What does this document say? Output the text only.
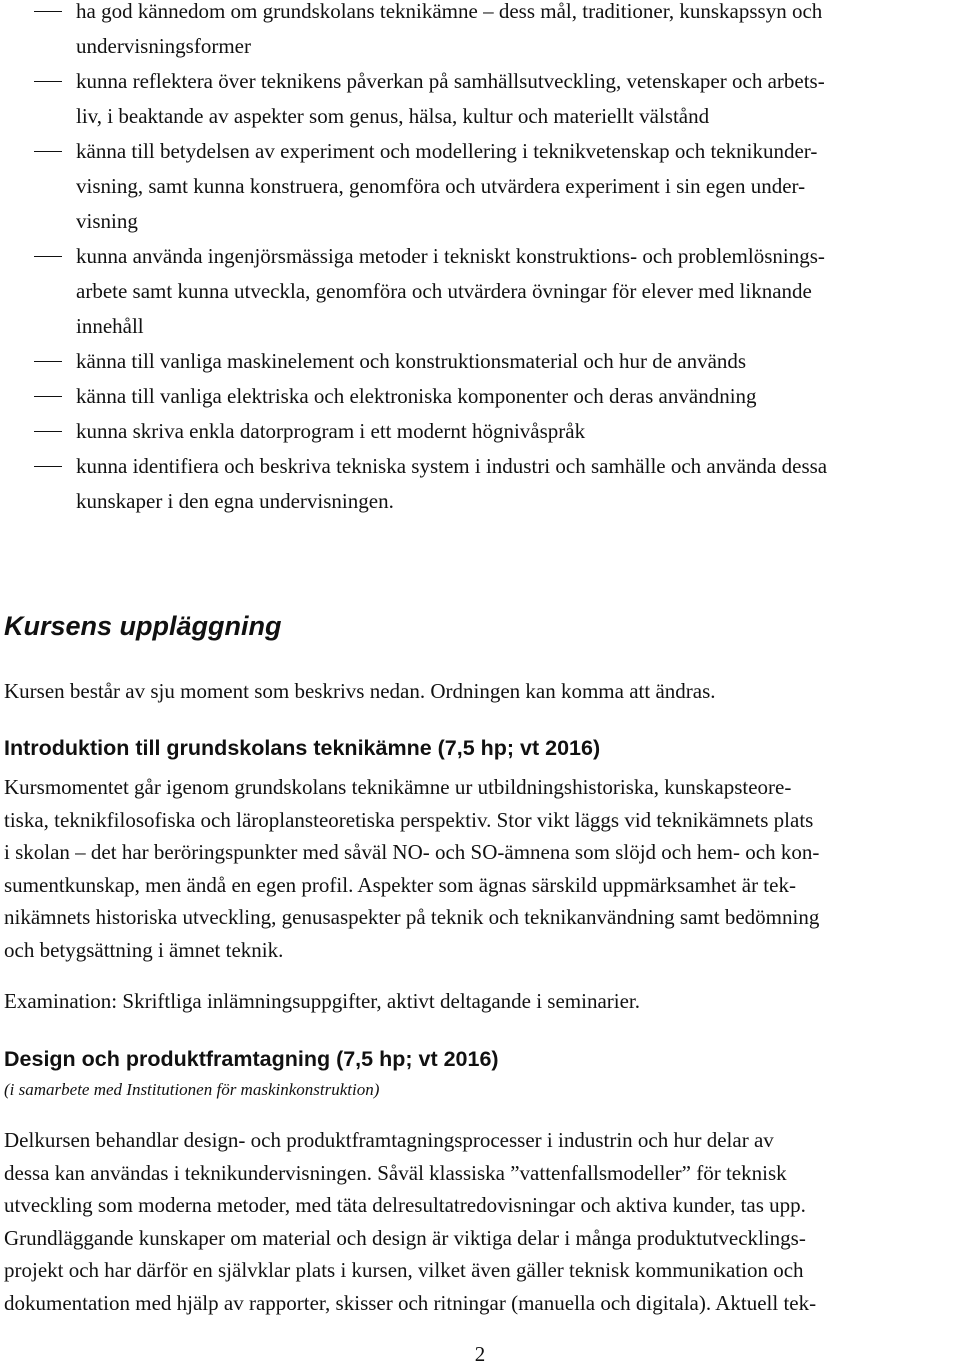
ha god kännedom om grundskolans teknikämne – dess mål, traditioner, kunskapssyn och
undervisningsformer
kunna reflektera över teknikens påverkan på samhällsutveckling, vetenskaper och arbets-
liv, i beaktande av aspekter som genus, hälsa, kultur och materiellt välstånd
känna till betydelsen av experiment och modellering i teknikvetenskap och teknikunder-
visning, samt kunna konstruera, genomföra och utvärdera experiment i sin egen under-
visning
kunna använda ingenjörsmässiga metoder i tekniskt konstruktions- och problemlösnings-
arbete samt kunna utveckla, genomföra och utvärdera övningar för elever med liknande
innehåll
känna till vanliga maskinelement och konstruktionsmaterial och hur de används
känna till vanliga elektriska och elektroniska komponenter och deras användning
kunna skriva enkla datorprogram i ett modernt högnivåspråk
kunna identifiera och beskriva tekniska system i industri och samhälle och använda dessa
kunskaper i den egna undervisningen.
Kursens uppläggning

Kursen består av sju moment som beskrivs nedan. Ordningen kan komma att ändras.

Introduktion till grundskolans teknikämne (7,5 hp; vt 2016)

Kursmomentet går igenom grundskolans teknikämne ur utbildningshistoriska, kunskapsteore-
tiska, teknikfilosofiska och läroplansteoretiska perspektiv. Stor vikt läggs vid teknikämnets plats
i skolan – det har beröringspunkter med såväl NO- och SO-ämnena som slöjd och hem- och kon-
sumentkunskap, men ändå en egen profil. Aspekter som ägnas särskild uppmärksamhet är tek-
nikämnets historiska utveckling, genusaspekter på teknik och teknikanvändning samt bedömning
och betygsättning i ämnet teknik.

Examination: Skriftliga inlämningsuppgifter, aktivt deltagande i seminarier.

Design och produktframtagning (7,5 hp; vt 2016)

(i samarbete med Institutionen för maskinkonstruktion)

Delkursen behandlar design- och produktframtagningsprocesser i industrin och hur delar av
dessa kan användas i teknikundervisningen. Såväl klassiska ”vattenfallsmodeller” för teknisk
utveckling som moderna metoder, med täta delresultatredovisningar och aktiva kunder, tas upp.
Grundläggande kunskaper om material och design är viktiga delar i många produktutvecklings-
projekt och har därför en självklar plats i kursen, vilket även gäller teknisk kommunikation och
dokumentation med hjälp av rapporter, skisser och ritningar (manuella och digitala). Aktuell tek-

2
